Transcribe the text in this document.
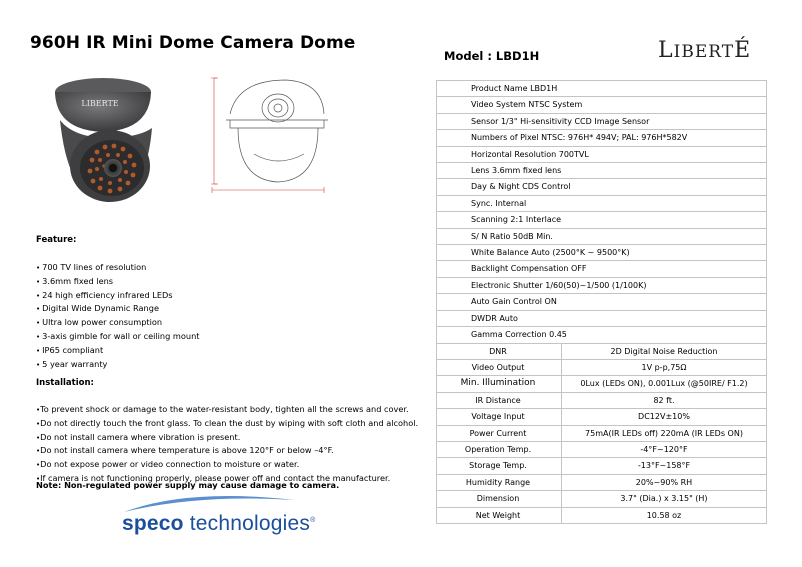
960H IR Mini Dome Camera Dome
Model : LBD1H	LIBERTÉ
LIBERTE
Feature:
• 700 TV lines of resolution
• 3.6mm fixed lens
• 24 high efficiency infrared LEDs
• Digital Wide Dynamic Range
• Ultra low power consumption
• 3-axis gimble for wall or ceiling mount
• IP65 compliant
• 5 year warranty
Installation:
• To prevent shock or damage to the water-resistant body, tighten all the screws and cover.
• Do not directly touch the front glass. To clean the dust by wiping with soft cloth and alcohol.
• Do not install camera where vibration is present.
• Do not install camera where temperature is above 120°F or below –4°F.
• Do not expose power or video connection to moisture or water.
• If camera is not functioning properly, please power off and contact the manufacturer.
Note: Non-regulated power supply may cause damage to camera.
speco technologies®
Product Name LBD1H	
Video System NTSC System	
Sensor 1/3" Hi-sensitivity CCD Image Sensor	
Numbers of Pixel NTSC: 976H* 494V; PAL: 976H*582V	
Horizontal Resolution 700TVL	
Lens 3.6mm fixed lens	
Day & Night CDS Control	
Sync. Internal	
Scanning 2:1 Interlace	
S/ N Ratio 50dB Min.	
White Balance Auto (2500°K ~ 9500°K)	
Backlight Compensation OFF	
Electronic Shutter 1/60(50)~1/500 (1/100K)	
Auto Gain Control ON	
DWDR Auto	
Gamma Correction 0.45	
DNR	2D Digital Noise Reduction
Video Output	1V p-p,75Ω
Min. Illumination	0Lux (LEDs ON), 0.001Lux (@50IRE/ F1.2)
IR Distance	82 ft.
Voltage Input	DC12V±10%
Power Current	75mA(IR LEDs off) 220mA (IR LEDs ON)
Operation Temp.	-4°F~120°F
Storage Temp.	-13°F~158°F
Humidity Range	20%~90% RH
Dimension	3.7" (Dia.) x 3.15" (H)
Net Weight	10.58 oz
